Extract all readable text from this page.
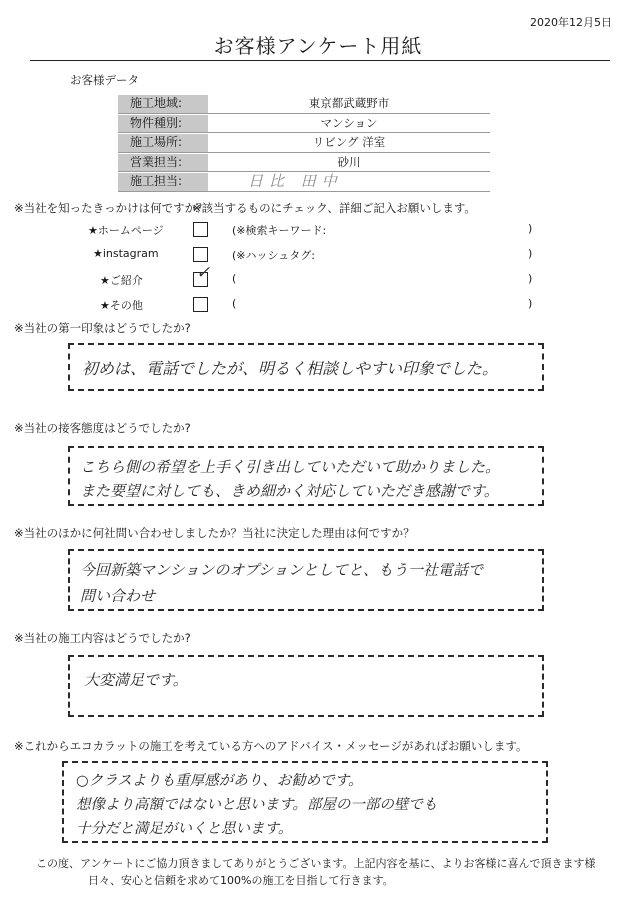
2020年12月5日
お客様アンケート用紙
お客様データ
施工地域:	東京都武蔵野市
物件種別:	マンション
施工場所:	リビング 洋室
営業担当:	砂川
施工担当:	日比 田中
※当社を知ったきっかけは何ですか？
※該当するものにチェック、詳細ご記入お願いします。
★ホームページ	(※検索キーワード:	)
★instagram	(※ハッシュタグ:	)
★ご紹介	✓ (	)
★その他	(	)
※当社の第一印象はどうでしたか?
初めは、電話でしたが、明るく相談しやすい印象でした。
※当社の接客態度はどうでしたか?
こちら側の希望を上手く引き出していただいて助かりました。
また要望に対しても、きめ細かく対応していただき感謝です。
※当社のほかに何社問い合わせしましたか？当社に決定した理由は何ですか？
今回新築マンションのオプションとしてと、もう一社電話で
問い合わせ
※当社の施工内容はどうでしたか?
大変満足です。
※これからエコカラットの施工を考えている方へのアドバイス・メッセージがあればお願いします。
○クラスよりも重厚感があり、お勧めです。
想像より高額ではないと思います。部屋の一部の壁でも
十分だと満足がいくと思います。
この度、アンケートにご協力頂きましてありがとうございます。上記内容を基に、よりお客様に喜んで頂きます様
日々、安心と信頼を求めて100%の施工を目指して行きます。
